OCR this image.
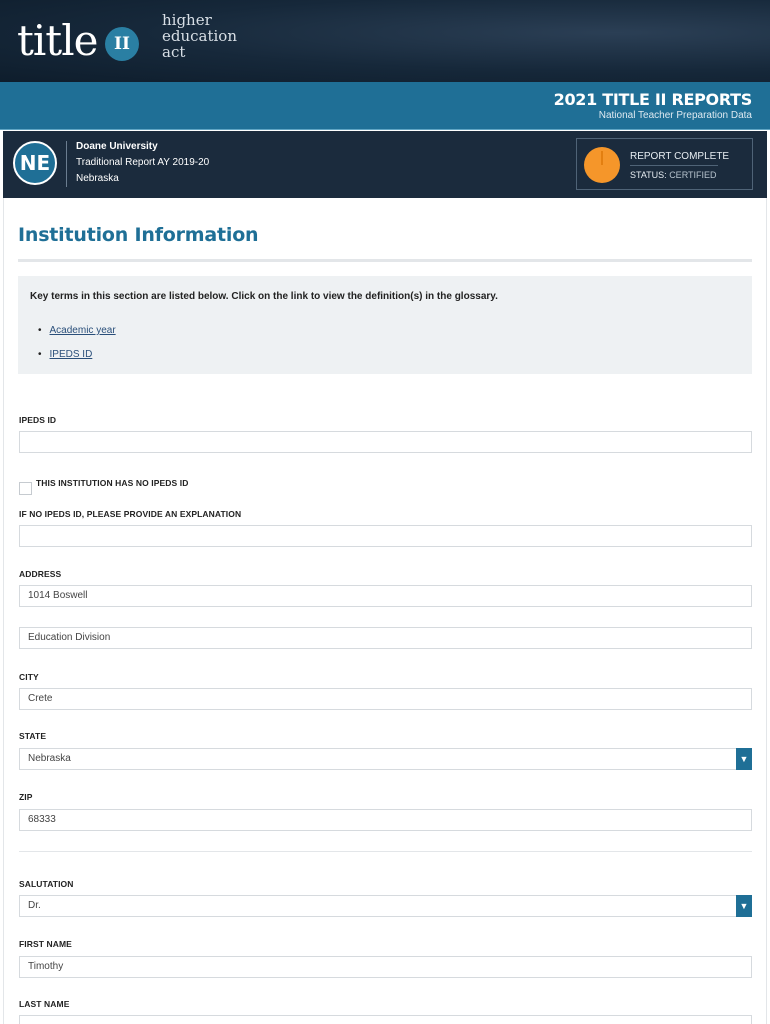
title II
higher
education
act
2021 TITLE II REPORTS
National Teacher Preparation Data
NE
Doane University
Traditional Report AY 2019-20
Nebraska
REPORT COMPLETE
STATUS: CERTIFIED
Institution Information
Key terms in this section are listed below. Click on the link to view the definition(s) in the glossary.
• Academic year
• IPEDS ID
IPEDS ID
THIS INSTITUTION HAS NO IPEDS ID
IF NO IPEDS ID, PLEASE PROVIDE AN EXPLANATION
ADDRESS
1014 Boswell
Education Division
CITY
Crete
STATE
Nebraska	▼
ZIP
68333
SALUTATION
Dr.	▼
FIRST NAME
Timothy
LAST NAME
